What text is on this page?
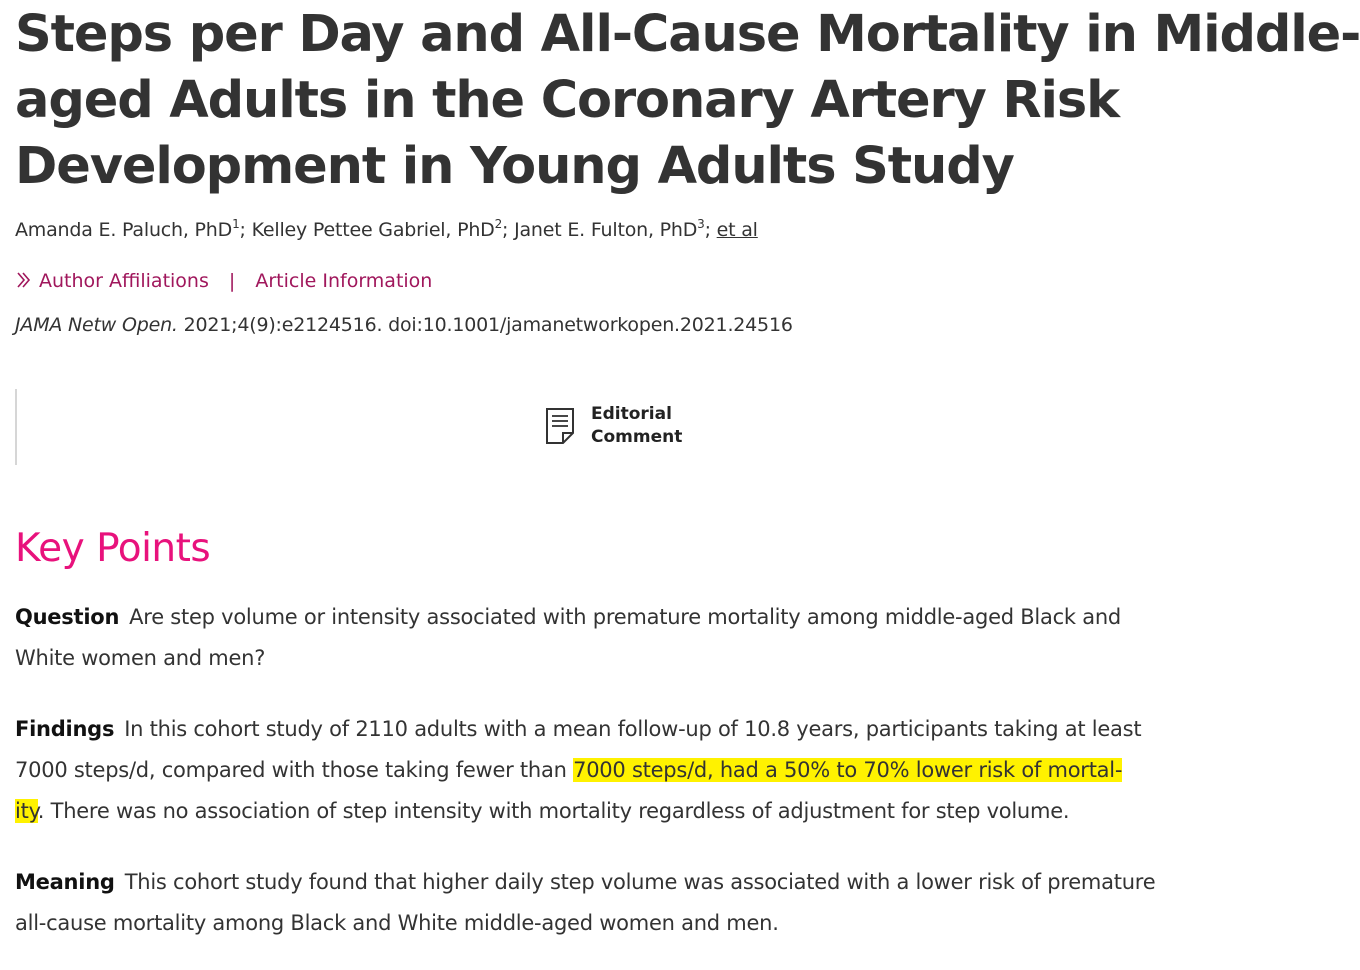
Steps per Day and All-Cause Mortality in Middle-
aged Adults in the Coronary Artery Risk
Development in Young Adults Study
Amanda E. Paluch, PhD$^1$; Kelley Pettee Gabriel, PhD$^2$; Janet E. Fulton, PhD$^3$; et al
Author Affiliations | Article Information
JAMA Netw Open. 2021;4(9):e2124516. doi:10.1001/jamanetworkopen.2021.24516
Editorial
Comment
Key Points

Question Are step volume or intensity associated with premature mortality among middle-aged Black and
White women and men?

Findings In this cohort study of 2110 adults with a mean follow-up of 10.8 years, participants taking at least
7000 steps/d, compared with those taking fewer than 7000 steps/d, had a 50% to 70% lower risk of mortal-
ity. There was no association of step intensity with mortality regardless of adjustment for step volume.

Meaning This cohort study found that higher daily step volume was associated with a lower risk of premature
all-cause mortality among Black and White middle-aged women and men.
